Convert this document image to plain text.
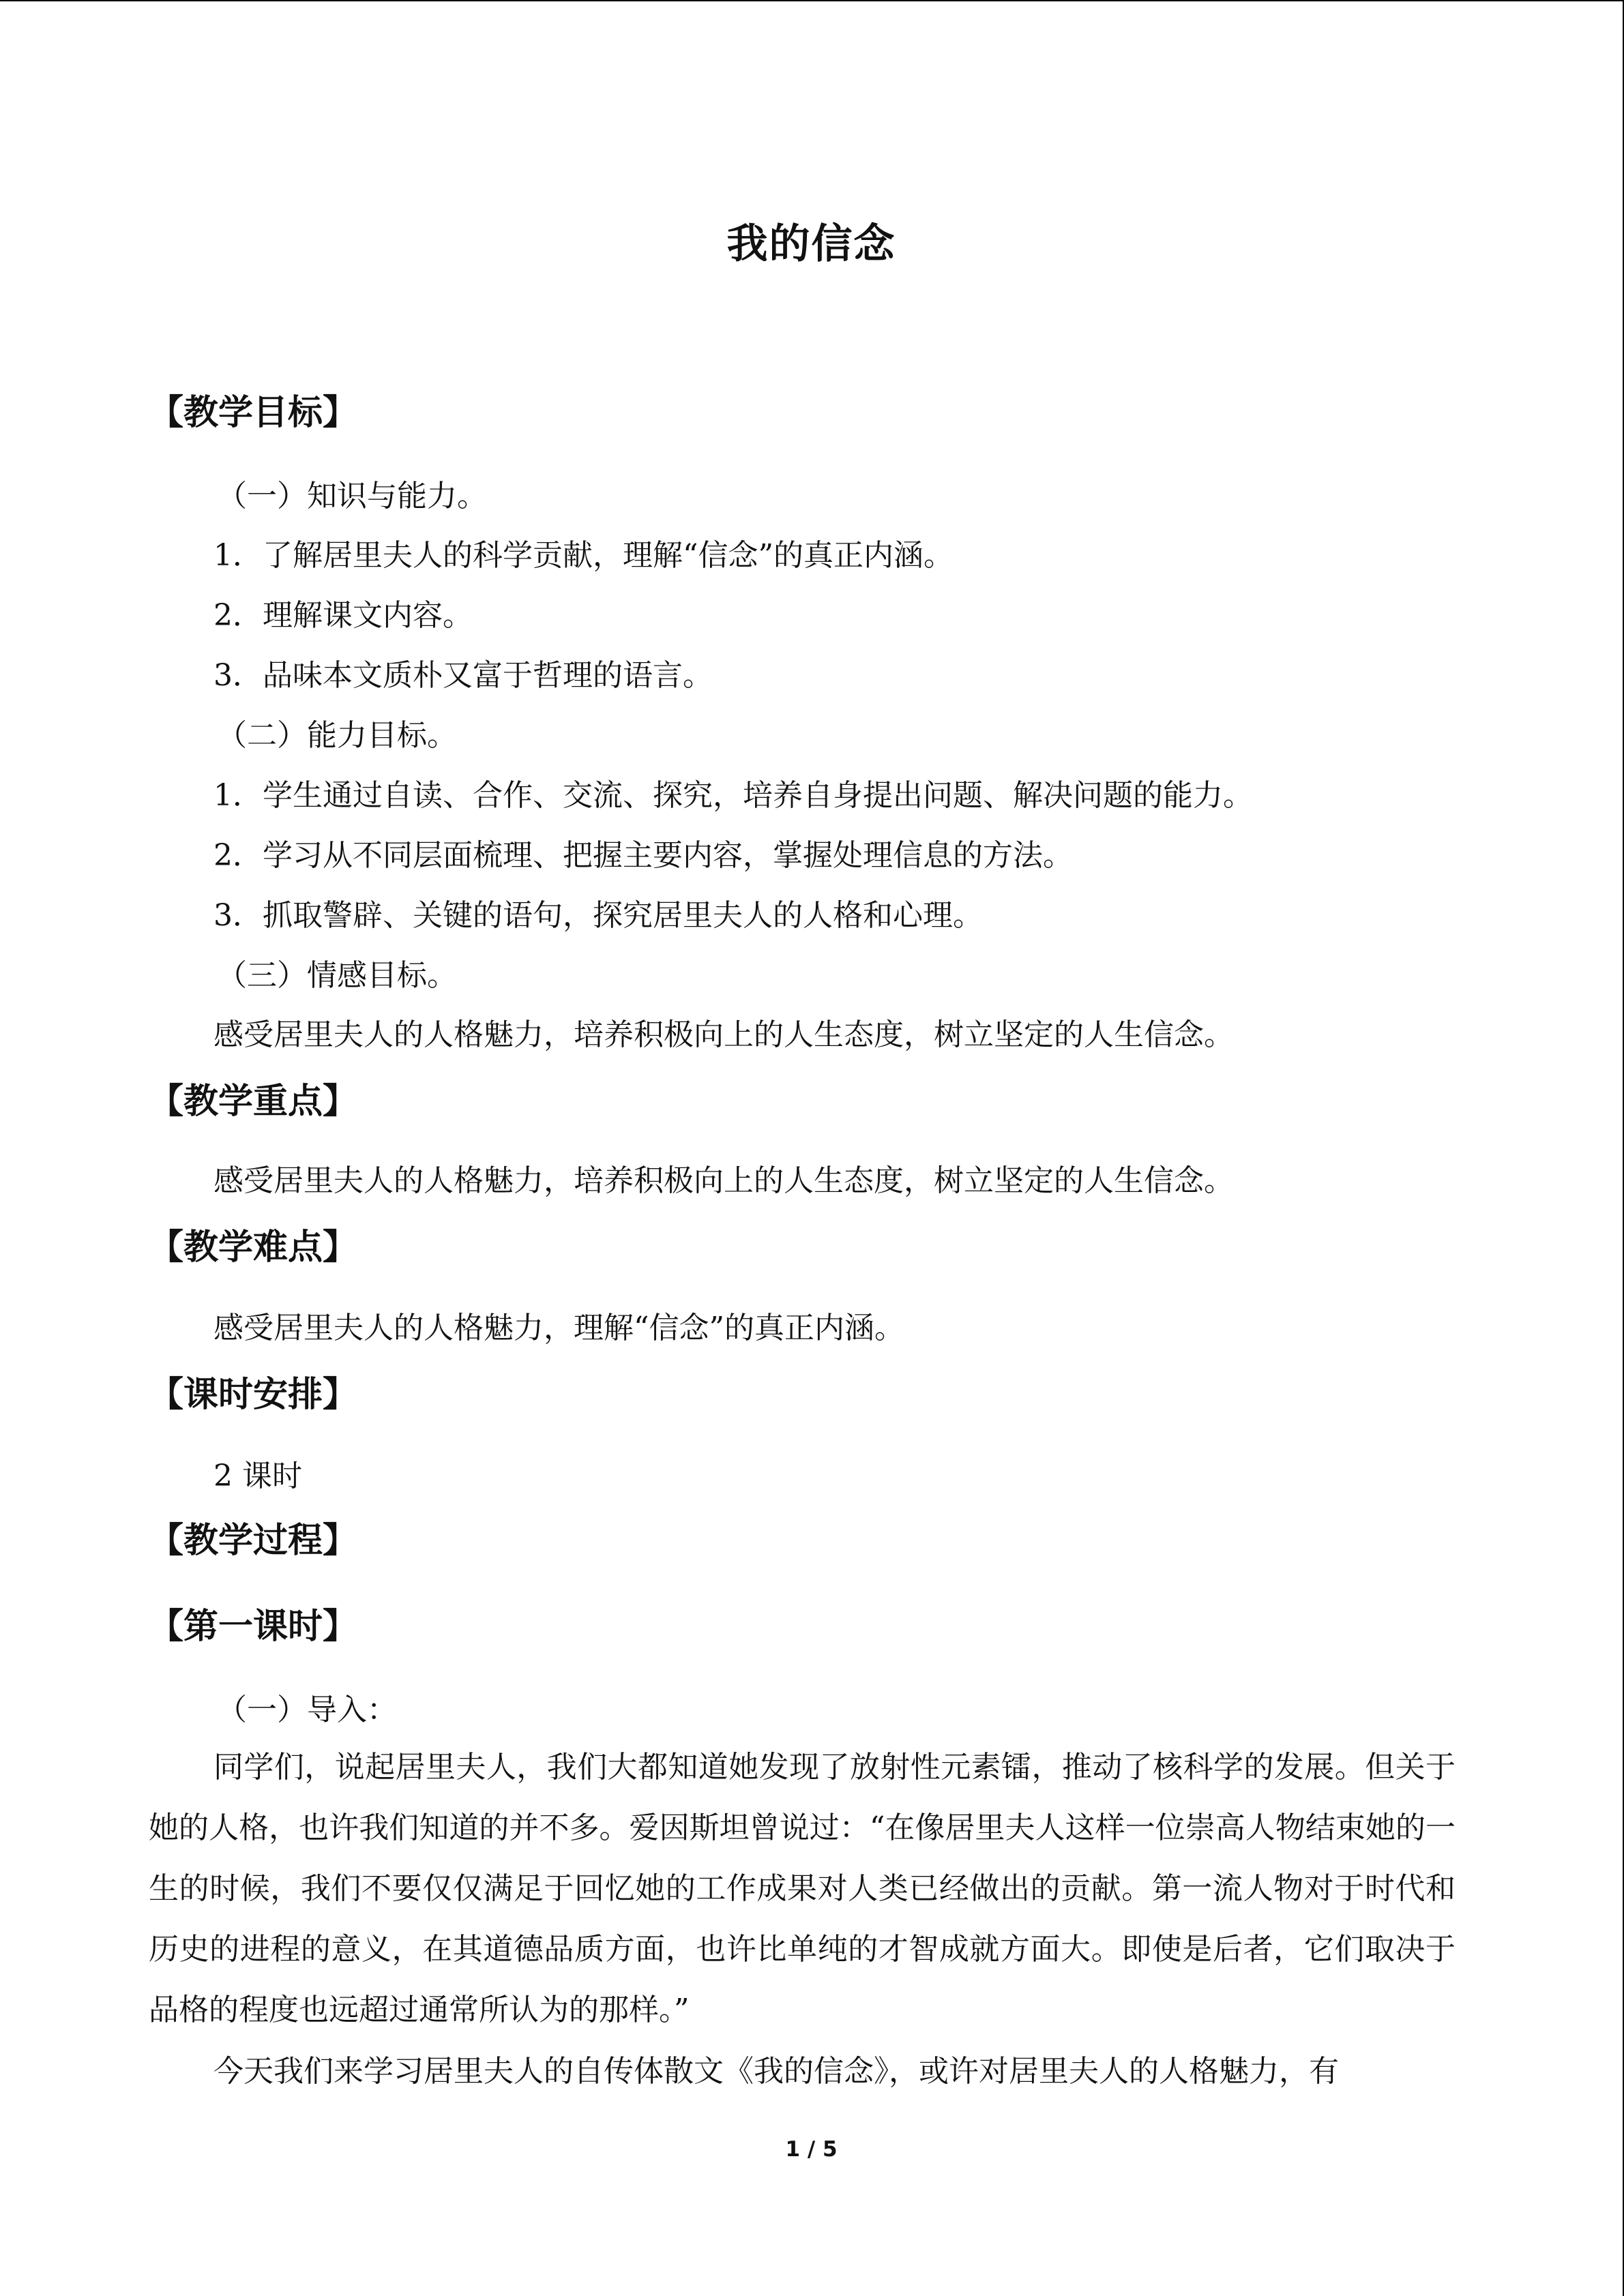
我的信念
【教学目标】
（一）知识与能力。
1．了解居里夫人的科学贡献，理解“信念”的真正内涵。
2．理解课文内容。
3．品味本文质朴又富于哲理的语言。
（二）能力目标。
1．学生通过自读、合作、交流、探究，培养自身提出问题、解决问题的能力。
2．学习从不同层面梳理、把握主要内容，掌握处理信息的方法。
3．抓取警辟、关键的语句，探究居里夫人的人格和心理。
（三）情感目标。
感受居里夫人的人格魅力，培养积极向上的人生态度，树立坚定的人生信念。
【教学重点】
感受居里夫人的人格魅力，培养积极向上的人生态度，树立坚定的人生信念。
【教学难点】
感受居里夫人的人格魅力，理解“信念”的真正内涵。
【课时安排】
2 课时
【教学过程】
【第一课时】
（一）导入：
同学们，说起居里夫人，我们大都知道她发现了放射性元素镭，推动了核科学的发展。但关于她的人格，也许我们知道的并不多。爱因斯坦曾说过：“在像居里夫人这样一位崇高人物结束她的一生的时候，我们不要仅仅满足于回忆她的工作成果对人类已经做出的贡献。第一流人物对于时代和历史的进程的意义，在其道德品质方面，也许比单纯的才智成就方面大。即使是后者，它们取决于品格的程度也远超过通常所认为的那样。”
今天我们来学习居里夫人的自传体散文《我的信念》，或许对居里夫人的人格魅力，有
1 / 5
